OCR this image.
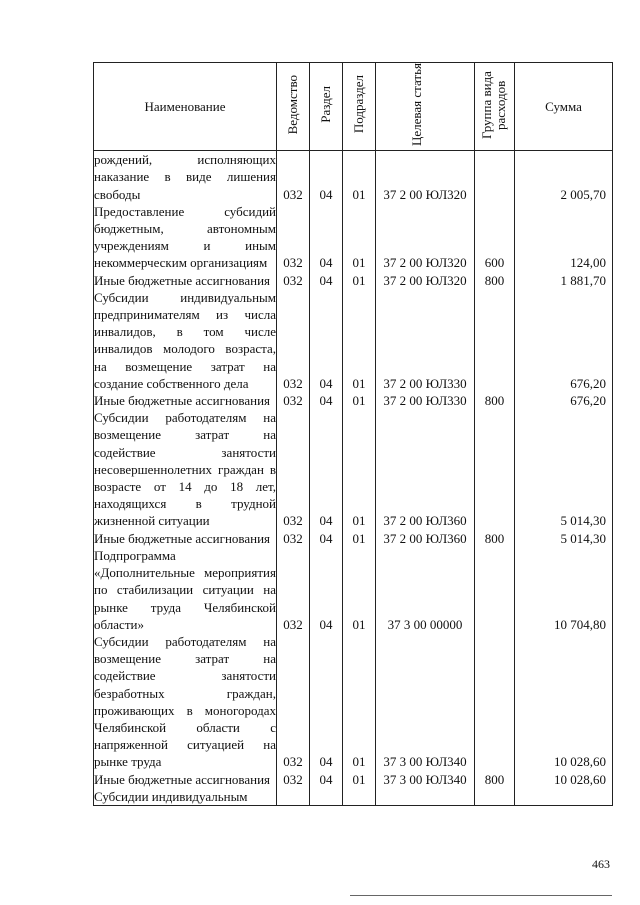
Наименование	Ведомство	Раздел	Подраздел	Целевая статья	Группа вида расходов	Сумма
рождений, исполняющих наказание в виде лишения свободы	032	04	01	37 2 00 ЮЛ320		2 005,70
Предоставление субсидий бюджетным, автономным учреждениям и иным некоммерческим организациям	032	04	01	37 2 00 ЮЛ320	600	124,00
Иные бюджетные ассигнования	032	04	01	37 2 00 ЮЛ320	800	1 881,70
Субсидии индивидуальным предпринимателям из числа инвалидов, в том числе инвалидов молодого возраста, на возмещение затрат на создание собственного дела	032	04	01	37 2 00 ЮЛ330		676,20
Иные бюджетные ассигнования	032	04	01	37 2 00 ЮЛ330	800	676,20
Субсидии работодателям на возмещение затрат на содействие занятости несовершеннолетних граждан в возрасте от 14 до 18 лет, находящихся в трудной жизненной ситуации	032	04	01	37 2 00 ЮЛ360		5 014,30
Иные бюджетные ассигнования	032	04	01	37 2 00 ЮЛ360	800	5 014,30
Подпрограмма «Дополнительные мероприятия по стабилизации ситуации на рынке труда Челябинской области»	032	04	01	37 3 00 00000		10 704,80
Субсидии работодателям на возмещение затрат на содействие занятости безработных граждан, проживающих в моногородах Челябинской области с напряженной ситуацией на рынке труда	032	04	01	37 3 00 ЮЛ340		10 028,60
Иные бюджетные ассигнования	032	04	01	37 3 00 ЮЛ340	800	10 028,60
Субсидии индивидуальным						
463
